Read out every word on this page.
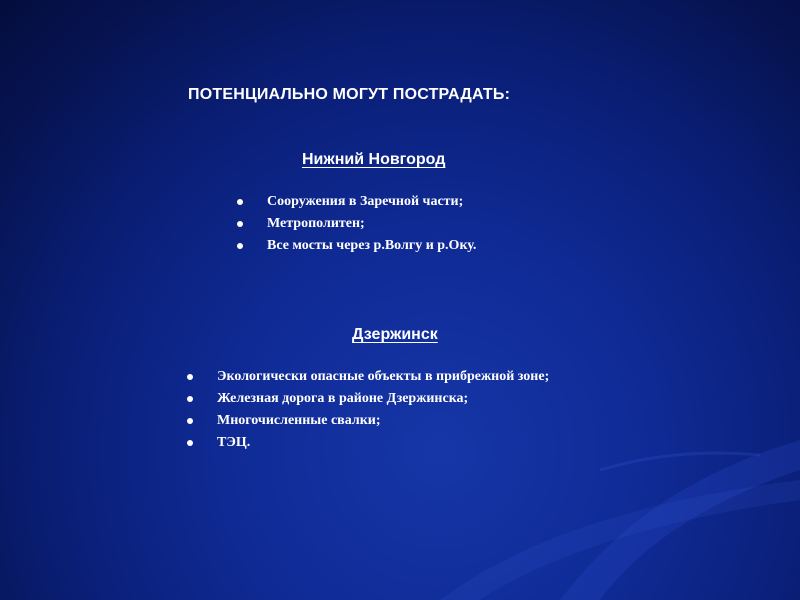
ПОТЕНЦИАЛЬНО МОГУТ ПОСТРАДАТЬ:
Нижний Новгород
Сооружения в Заречной части;
Метрополитен;
Все мосты через р.Волгу и р.Оку.
Дзержинск
Экологически опасные объекты в прибрежной зоне;
Железная дорога в районе Дзержинска;
Многочисленные свалки;
ТЭЦ.
